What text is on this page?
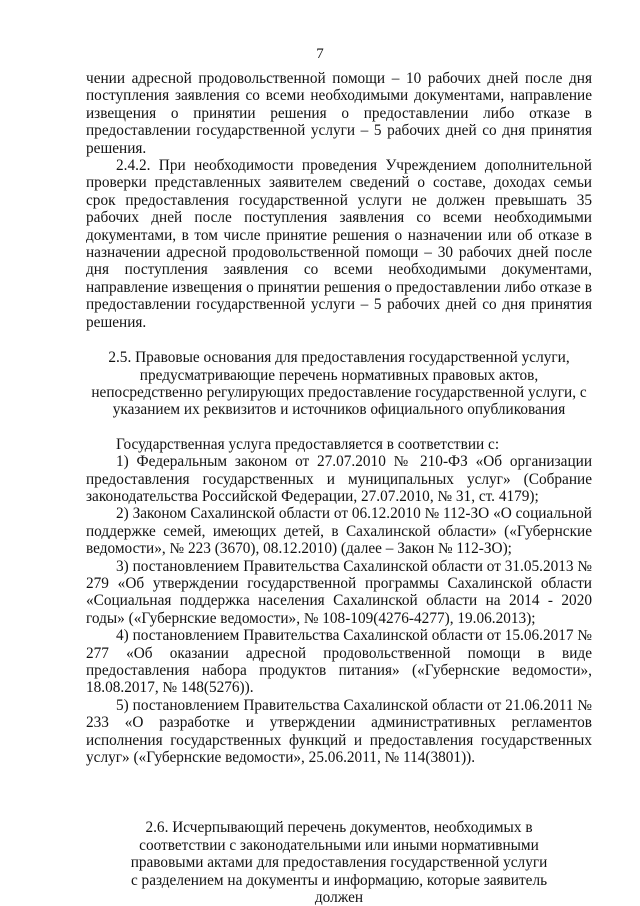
7

чении адресной продовольственной помощи – 10 рабочих дней после дня поступления заявления со всеми необходимыми документами, направление извещения о принятии решения о предоставлении либо отказе в предоставлении государственной услуги – 5 рабочих дней со дня принятия решения.

2.4.2. При необходимости проведения Учреждением дополнительной проверки представленных заявителем сведений о составе, доходах семьи срок предоставления государственной услуги не должен превышать 35 рабочих дней после поступления заявления со всеми необходимыми документами, в том числе принятие решения о назначении или об отказе в назначении адресной продовольственной помощи – 30 рабочих дней после дня поступления заявления со всеми необходимыми документами, направление извещения о принятии решения о предоставлении либо отказе в предоставлении государственной услуги – 5 рабочих дней со дня принятия решения.

2.5. Правовые основания для предоставления государственной услуги, предусматривающие перечень нормативных правовых актов, непосредственно регулирующих предоставление государственной услуги, с указанием их реквизитов и источников официального опубликования

Государственная услуга предоставляется в соответствии с:

1) Федеральным законом от 27.07.2010 № 210-ФЗ «Об организации предоставления государственных и муниципальных услуг» (Собрание законодательства Российской Федерации, 27.07.2010, № 31, ст. 4179);

2) Законом Сахалинской области от 06.12.2010 № 112-ЗО «О социальной поддержке семей, имеющих детей, в Сахалинской области» («Губернские ведомости», № 223 (3670), 08.12.2010) (далее – Закон № 112-ЗО);

3) постановлением Правительства Сахалинской области от 31.05.2013 № 279 «Об утверждении государственной программы Сахалинской области «Социальная поддержка населения Сахалинской области на 2014 - 2020 годы» («Губернские ведомости», № 108-109(4276-4277), 19.06.2013);

4) постановлением Правительства Сахалинской области от 15.06.2017 № 277 «Об оказании адресной продовольственной помощи в виде предоставления набора продуктов питания» («Губернские ведомости», 18.08.2017, № 148(5276)).

5) постановлением Правительства Сахалинской области от 21.06.2011 № 233 «О разработке и утверждении административных регламентов исполнения государственных функций и предоставления государственных услуг» («Губернские ведомости», 25.06.2011, № 114(3801)).

2.6. Исчерпывающий перечень документов, необходимых в соответствии с законодательными или иными нормативными правовыми актами для предоставления государственной услуги с разделением на документы и информацию, которые заявитель должен
